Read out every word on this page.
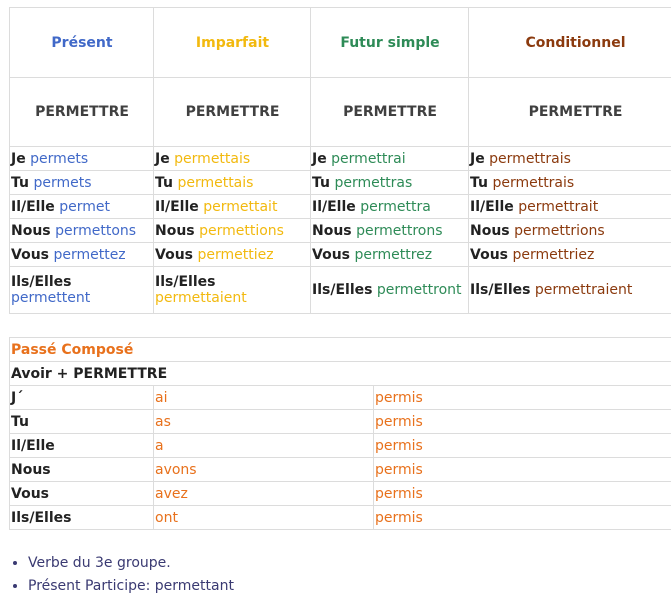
Présent	Imparfait	Futur simple	Conditionnel
PERMETTRE	PERMETTRE	PERMETTRE	PERMETTRE
Je permets	Je permettais	Je permettrai	Je permettrais
Tu permets	Tu permettais	Tu permettras	Tu permettrais
Il/Elle permet	Il/Elle permettait	Il/Elle permettra	Il/Elle permettrait
Nous permettons	Nous permettions	Nous permettrons	Nous permettrions
Vous permettez	Vous permettiez	Vous permettrez	Vous permettriez
Ils/Elles permettent	Ils/Elles permettaient	Ils/Elles permettront	Ils/Elles permettraient
Passé Composé		
Avoir + PERMETTRE		
J´	ai	permis
Tu	as	permis
Il/Elle	a	permis
Nous	avons	permis
Vous	avez	permis
Ils/Elles	ont	permis
• Verbe du 3e groupe.
• Présent Participe: permettant
